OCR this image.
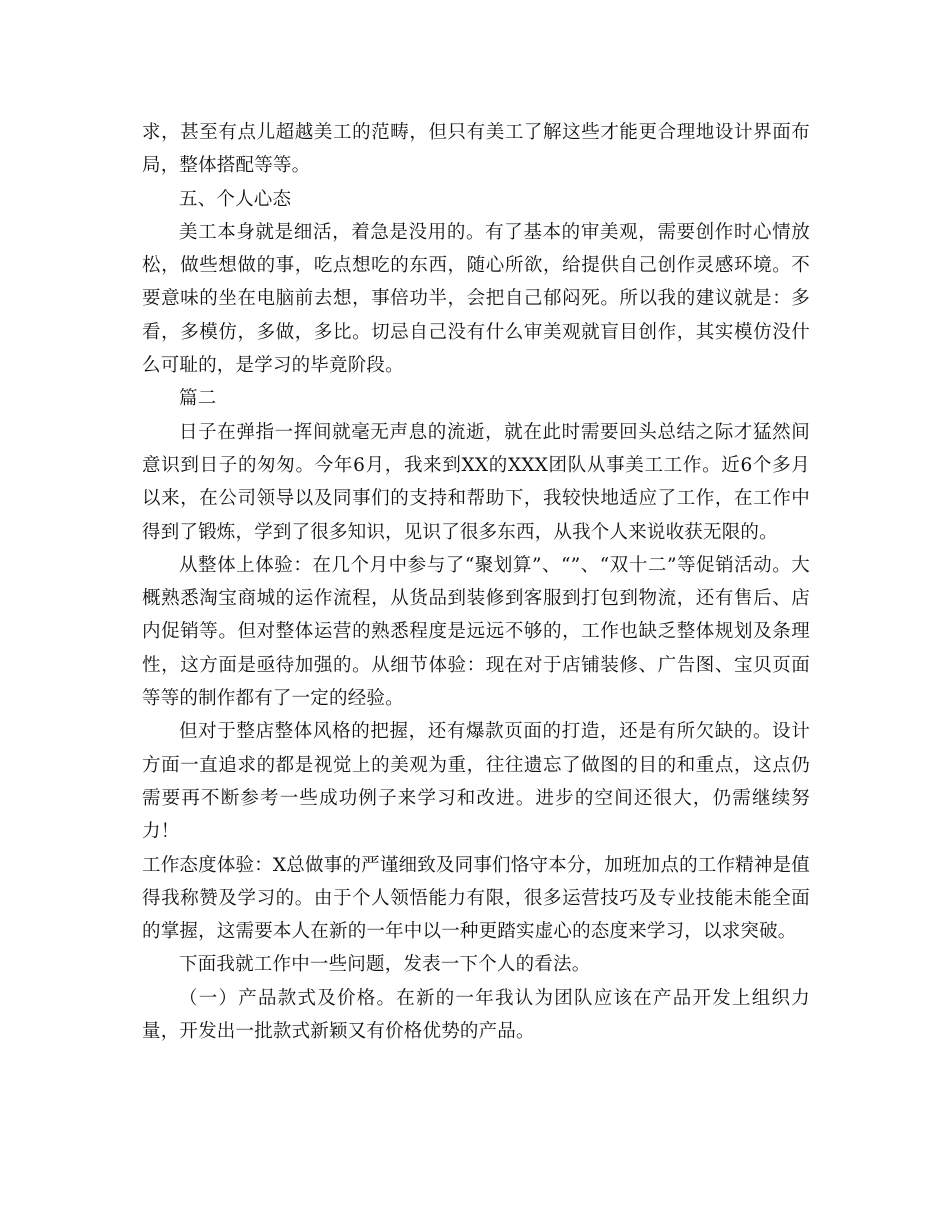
求，甚至有点儿超越美工的范畴，但只有美工了解这些才能更合理地设计界面布局，整体搭配等等。

五、个人心态

美工本身就是细活，着急是没用的。有了基本的审美观，需要创作时心情放松，做些想做的事，吃点想吃的东西，随心所欲，给提供自己创作灵感环境。不要意味的坐在电脑前去想，事倍功半，会把自己郁闷死。所以我的建议就是：多看，多模仿，多做，多比。切忌自己没有什么审美观就盲目创作，其实模仿没什么可耻的，是学习的毕竟阶段。

篇二

日子在弹指一挥间就毫无声息的流逝，就在此时需要回头总结之际才猛然间意识到日子的匆匆。今年6月，我来到XX的XXX团队从事美工工作。近6个多月以来，在公司领导以及同事们的支持和帮助下，我较快地适应了工作，在工作中得到了锻炼，学到了很多知识，见识了很多东西，从我个人来说收获无限的。

从整体上体验：在几个月中参与了“聚划算”、“”、“双十二”等促销活动。大概熟悉淘宝商城的运作流程，从货品到装修到客服到打包到物流，还有售后、店内促销等。但对整体运营的熟悉程度是远远不够的，工作也缺乏整体规划及条理性，这方面是亟待加强的。从细节体验：现在对于店铺装修、广告图、宝贝页面等等的制作都有了一定的经验。

但对于整店整体风格的把握，还有爆款页面的打造，还是有所欠缺的。设计方面一直追求的都是视觉上的美观为重，往往遗忘了做图的目的和重点，这点仍需要再不断参考一些成功例子来学习和改进。进步的空间还很大，仍需继续努力！

工作态度体验：X总做事的严谨细致及同事们恪守本分，加班加点的工作精神是值得我称赞及学习的。由于个人领悟能力有限，很多运营技巧及专业技能未能全面的掌握，这需要本人在新的一年中以一种更踏实虚心的态度来学习，以求突破。

下面我就工作中一些问题，发表一下个人的看法。

（一）产品款式及价格。在新的一年我认为团队应该在产品开发上组织力量，开发出一批款式新颖又有价格优势的产品。
